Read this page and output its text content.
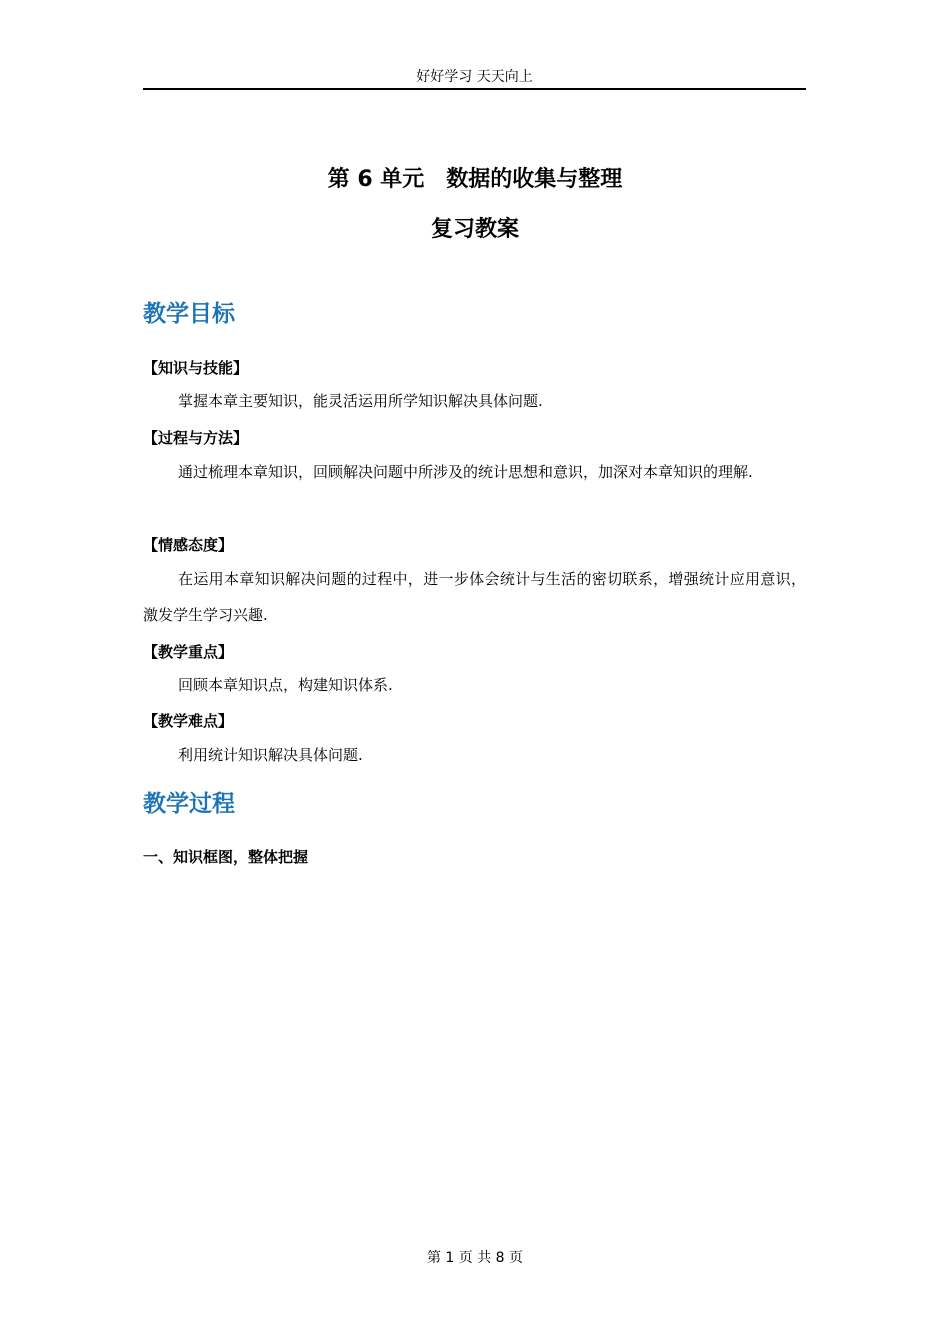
好好学习 天天向上
第 6 单元　数据的收集与整理
复习教案
教学目标
【知识与技能】
掌握本章主要知识，能灵活运用所学知识解决具体问题.
【过程与方法】
通过梳理本章知识，回顾解决问题中所涉及的统计思想和意识，加深对本章知识的理解.
【情感态度】
在运用本章知识解决问题的过程中，进一步体会统计与生活的密切联系，增强统计应用意识，激发学生学习兴趣.
【教学重点】
回顾本章知识点，构建知识体系.
【教学难点】
利用统计知识解决具体问题.
教学过程
一、知识框图，整体把握
第 1 页 共 8 页
